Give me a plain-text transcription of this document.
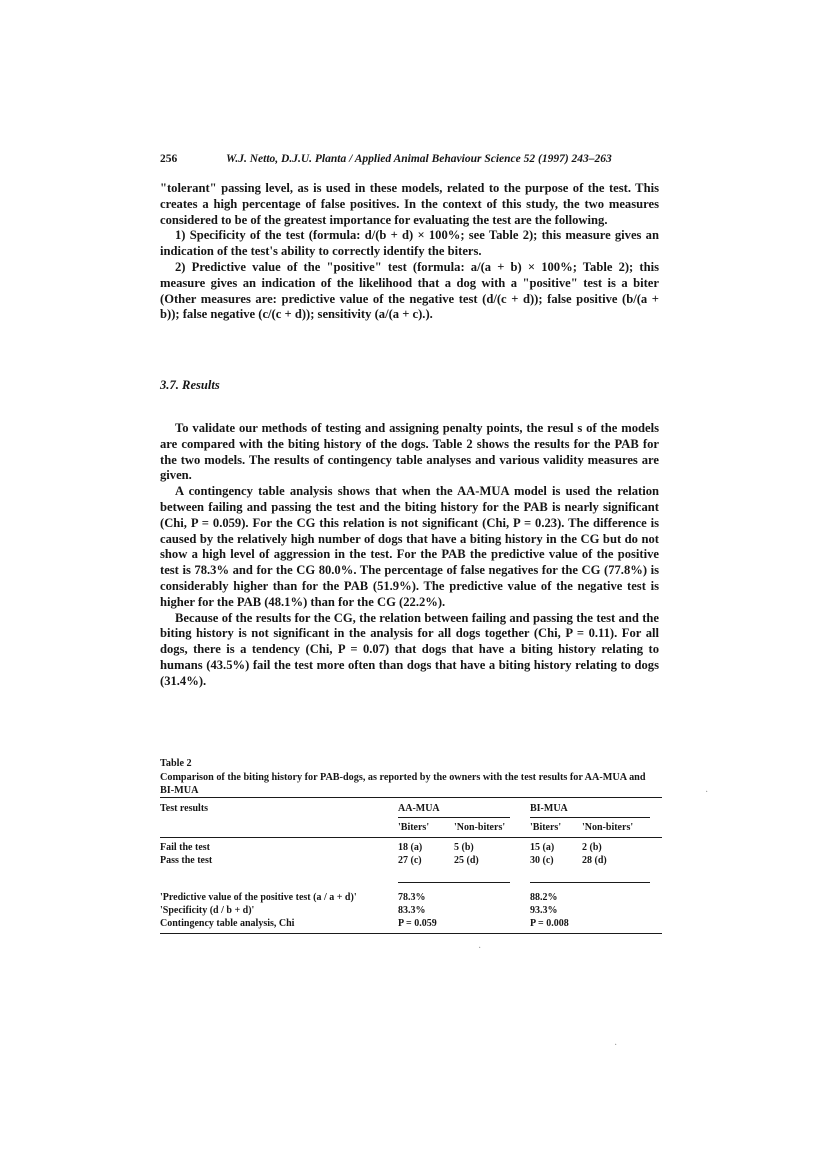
256	W.J. Netto, D.J.U. Planta / Applied Animal Behaviour Science 52 (1997) 243–263

"tolerant" passing level, as is used in these models, related to the purpose of the test. This creates a high percentage of false positives. In the context of this study, the two measures considered to be of the greatest importance for evaluating the test are the following.

1) Specificity of the test (formula: d/(b + d) × 100%; see Table 2); this measure gives an indication of the test's ability to correctly identify the biters.

2) Predictive value of the "positive" test (formula: a/(a + b) × 100%; Table 2); this measure gives an indication of the likelihood that a dog with a "positive" test is a biter (Other measures are: predictive value of the negative test (d/(c + d)); false positive (b/(a + b)); false negative (c/(c + d)); sensitivity (a/(a + c).).

3.7. Results

To validate our methods of testing and assigning penalty points, the resul s of the models are compared with the biting history of the dogs. Table 2 shows the results for the PAB for the two models. The results of contingency table analyses and various validity measures are given.

A contingency table analysis shows that when the AA-MUA model is used the relation between failing and passing the test and the biting history for the PAB is nearly significant (Chi, P = 0.059). For the CG this relation is not significant (Chi, P = 0.23). The difference is caused by the relatively high number of dogs that have a biting history in the CG but do not show a high level of aggression in the test. For the PAB the predictive value of the positive test is 78.3% and for the CG 80.0%. The percentage of false negatives for the CG (77.8%) is considerably higher than for the PAB (51.9%). The predictive value of the negative test is higher for the PAB (48.1%) than for the CG (22.2%).

Because of the results for the CG, the relation between failing and passing the test and the biting history is not significant in the analysis for all dogs together (Chi, P = 0.11). For all dogs, there is a tendency (Chi, P = 0.07) that dogs that have a biting history relating to humans (43.5%) fail the test more often than dogs that have a biting history relating to dogs (31.4%).

Table 2
Comparison of the biting history for PAB-dogs, as reported by the owners with the test results for AA-MUA and BI-MUA
Test results	AA-MUA	BI-MUA
'Biters' 'Non-biters' 'Biters' 'Non-biters'
Fail the test	18 (a)	5 (b)	15 (a)	2 (b)
Pass the test	27 (c)	25 (d)	30 (c)	28 (d)
'Predictive value of the positive test (a / a + d)'	78.3%	88.2%
'Specificity (d / b + d)'	83.3%	93.3%
Contingency table analysis, Chi	P = 0.059	P = 0.008
·
·
·
